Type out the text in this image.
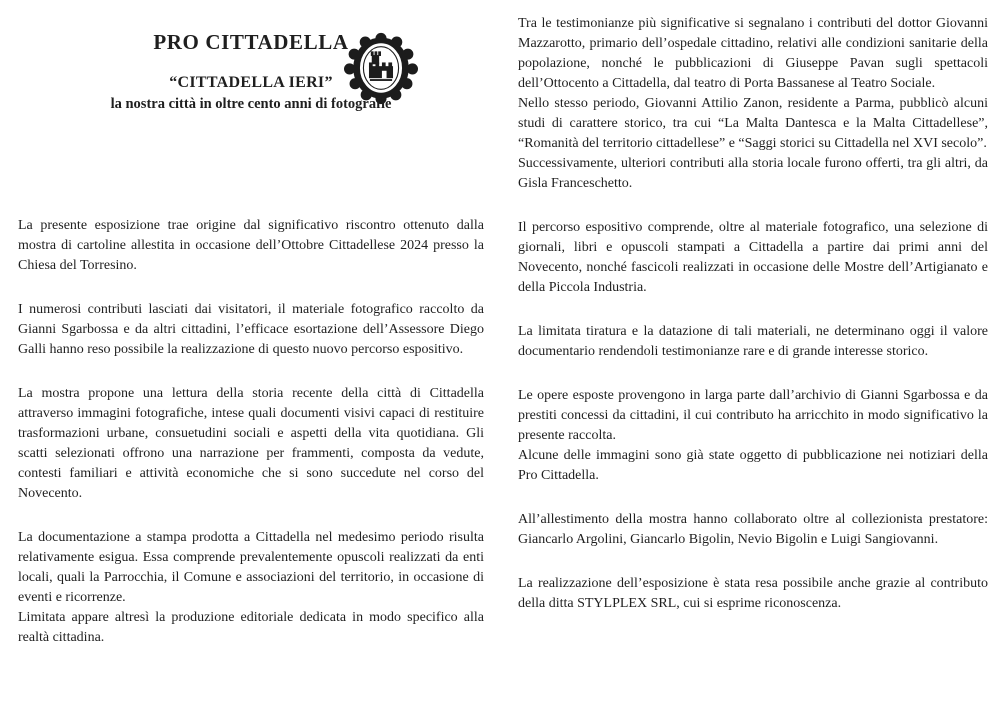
PRO CITTADELLA
“CITTADELLA IERI”
la nostra città in oltre cento anni di fotografie

La presente esposizione trae origine dal significativo riscontro ottenuto dalla mostra di cartoline allestita in occasione dell’Ottobre Cittadellese 2024 presso la Chiesa del Torresino.

I numerosi contributi lasciati dai visitatori, il materiale fotografico raccolto da Gianni Sgarbossa e da altri cittadini, l’efficace esortazione dell’Assessore Diego Galli hanno reso possibile la realizzazione di questo nuovo percorso espositivo.

La mostra propone una lettura della storia recente della città di Cittadella attraverso immagini fotografiche, intese quali documenti visivi capaci di restituire trasformazioni urbane, consuetudini sociali e aspetti della vita quotidiana. Gli scatti selezionati offrono una narrazione per frammenti, composta da vedute, contesti familiari e attività economiche che si sono succedute nel corso del Novecento.

La documentazione a stampa prodotta a Cittadella nel medesimo periodo risulta relativamente esigua. Essa comprende prevalentemente opuscoli realizzati da enti locali, quali la Parrocchia, il Comune e associazioni del territorio, in occasione di eventi e ricorrenze.

Limitata appare altresì la produzione editoriale dedicata in modo specifico alla realtà cittadina.

Tra le testimonianze più significative si segnalano i contributi del dottor Giovanni Mazzarotto, primario dell’ospedale cittadino, relativi alle condizioni sanitarie della popolazione, nonché le pubblicazioni di Giuseppe Pavan sugli spettacoli dell’Ottocento a Cittadella, dal teatro di Porta Bassanese al Teatro Sociale.

Nello stesso periodo, Giovanni Attilio Zanon, residente a Parma, pubblicò alcuni studi di carattere storico, tra cui “La Malta Dantesca e la Malta Cittadellese”, “Romanità del territorio cittadellese” e “Saggi storici su Cittadella nel XVI secolo”.

Successivamente, ulteriori contributi alla storia locale furono offerti, tra gli altri, da Gisla Franceschetto.

Il percorso espositivo comprende, oltre al materiale fotografico, una selezione di giornali, libri e opuscoli stampati a Cittadella a partire dai primi anni del Novecento, nonché fascicoli realizzati in occasione delle Mostre dell’Artigianato e della Piccola Industria.

La limitata tiratura e la datazione di tali materiali, ne determinano oggi il valore documentario rendendoli testimonianze rare e di grande interesse storico.

Le opere esposte provengono in larga parte dall’archivio di Gianni Sgarbossa e da prestiti concessi da cittadini, il cui contributo ha arricchito in modo significativo la presente raccolta.

Alcune delle immagini sono già state oggetto di pubblicazione nei notiziari della Pro Cittadella.

All’allestimento della mostra hanno collaborato oltre al collezionista prestatore: Giancarlo Argolini, Giancarlo Bigolin, Nevio Bigolin e Luigi Sangiovanni.

La realizzazione dell’esposizione è stata resa possibile anche grazie al contributo della ditta STYLPLEX SRL, cui si esprime riconoscenza.
